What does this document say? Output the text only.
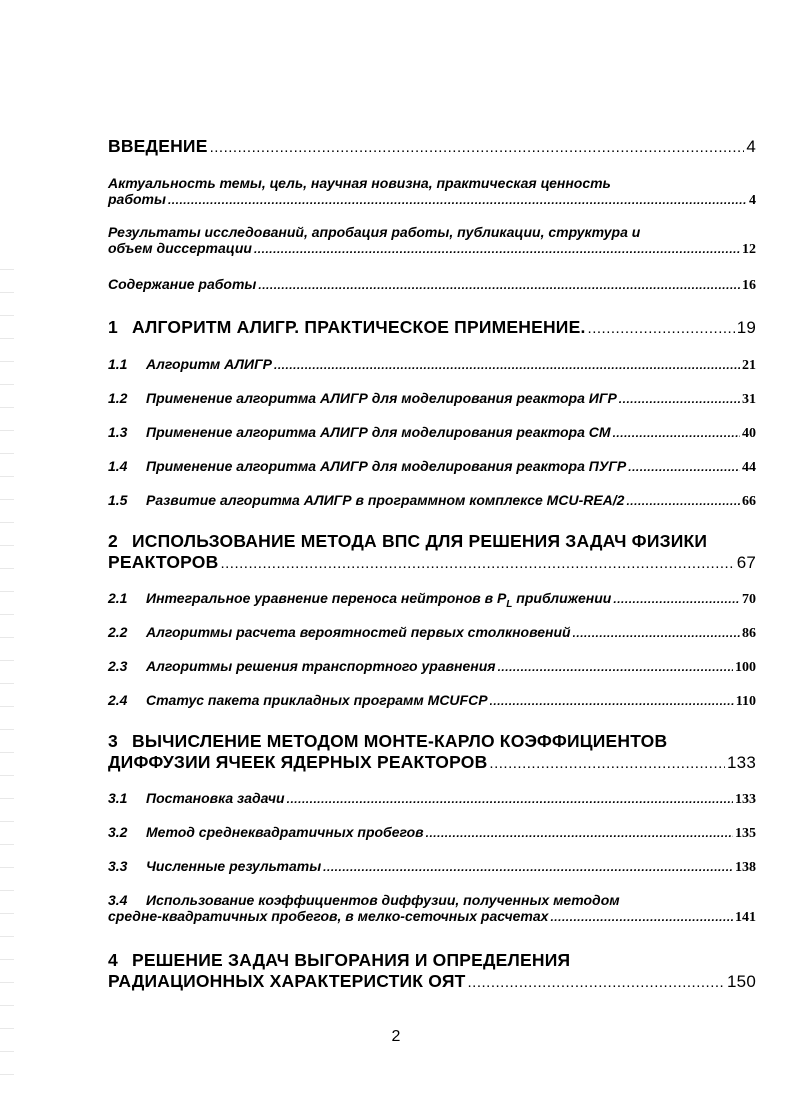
ВВЕДЕНИЕ .....	4
Актуальность темы, цель, научная новизна, практическая ценность
работы .....	4
Результаты исследований, апробация работы, публикации, структура и
объем диссертации .....	12
Содержание работы .....	16
1 АЛГОРИТМ АЛИГР. ПРАКТИЧЕСКОЕ ПРИМЕНЕНИЕ. .....	19
1.1 Алгоритм АЛИГР .....	21
1.2 Применение алгоритма АЛИГР для моделирования реактора ИГР .....	31
1.3 Применение алгоритма АЛИГР для моделирования реактора СМ .....	40
1.4 Применение алгоритма АЛИГР для моделирования реактора ПУГР .....	44
1.5 Развитие алгоритма АЛИГР в программном комплексе MCU-REA/2 .....	66
2 ИСПОЛЬЗОВАНИЕ МЕТОДА ВПС ДЛЯ РЕШЕНИЯ ЗАДАЧ ФИЗИКИ
РЕАКТОРОВ .....	67
2.1 Интегральное уравнение переноса нейтронов в $P_L$ приближении .....	70
2.2 Алгоритмы расчета вероятностей первых столкновений .....	86
2.3 Алгоритмы решения транспортного уравнения .....	100
2.4 Статус пакета прикладных программ MCUFCP .....	110
3 ВЫЧИСЛЕНИЕ МЕТОДОМ МОНТЕ-КАРЛО КОЭФФИЦИЕНТОВ
ДИФФУЗИИ ЯЧЕЕК ЯДЕРНЫХ РЕАКТОРОВ .....	133
3.1 Постановка задачи .....	133
3.2 Метод среднеквадратичных пробегов .....	135
3.3 Численные результаты .....	138
3.4 Использование коэффициентов диффузии, полученных методом
средне-квадратичных пробегов, в мелко-сеточных расчетах .....	141
4 РЕШЕНИЕ ЗАДАЧ ВЫГОРАНИЯ И ОПРЕДЕЛЕНИЯ
РАДИАЦИОННЫХ ХАРАКТЕРИСТИК ОЯТ .....	150
2
